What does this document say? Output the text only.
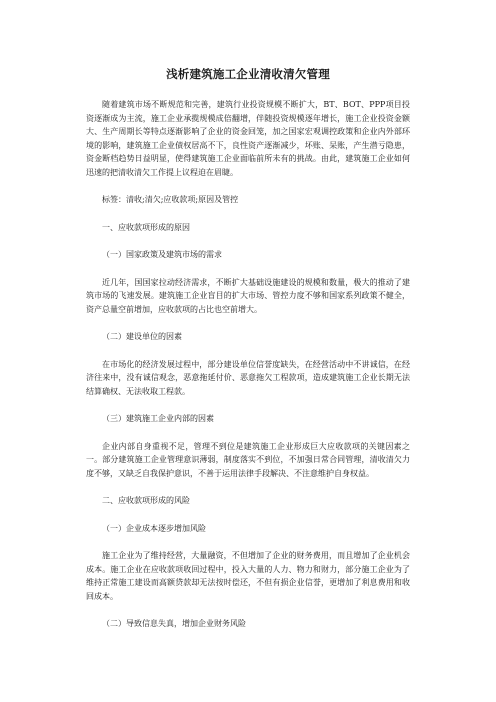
浅析建筑施工企业清收清欠管理

随着建筑市场不断规范和完善，建筑行业投资规模不断扩大，BT、BOT、PPP项目投资逐渐成为主流，施工企业承揽规模成倍翻增，伴随投资规模逐年增长，施工企业投资金额大、生产周期长等特点逐渐影响了企业的资金回笼，加之国家宏观调控政策和企业内外部环境的影响，建筑施工企业债权居高不下，良性资产逐渐减少，坏账、呆账，产生潜亏隐患，资金断档趋势日益明显，使得建筑施工企业面临前所未有的挑战。由此，建筑施工企业如何迅速的把清收清欠工作提上议程迫在眉睫。

标签：清收;清欠;应收款项;原因及管控

一、应收款项形成的原因

（一）国家政策及建筑市场的需求

近几年，国国家拉动经济需求，不断扩大基础设施建设的规模和数量，极大的推动了建筑市场的飞速发展。建筑施工企业盲目的扩大市场、管控力度不够和国家系列政策不健全，资产总量空前增加，应收款项的占比也空前增大。

（二）建设单位的因素

在市场化的经济发展过程中，部分建设单位信誉度缺失，在经营活动中不讲诚信，在经济往来中，没有诚信观念，恶意拖延付价、恶意拖欠工程款项，造成建筑施工企业长期无法结算确权、无法收取工程款。

（三）建筑施工企业内部的因素

企业内部自身重视不足，管理不到位是建筑施工企业形成巨大应收款项的关键因素之一。部分建筑施工企业管理意识薄弱，制度落实不到位，不加强日常合同管理，清收清欠力度不够，又缺乏自我保护意识，不善于运用法律手段解决、不注意维护自身权益。

二、应收款项形成的风险

（一）企业成本逐步增加风险

施工企业为了维持经营，大量融资，不但增加了企业的财务费用，而且增加了企业机会成本。施工企业在应收款项收回过程中，投入大量的人力、物力和财力，部分施工企业为了维持正常施工建设而高额贷款却无法按时偿还，不但有损企业信誉，更增加了利息费用和收回成本。

（二）导致信息失真，增加企业财务风险
